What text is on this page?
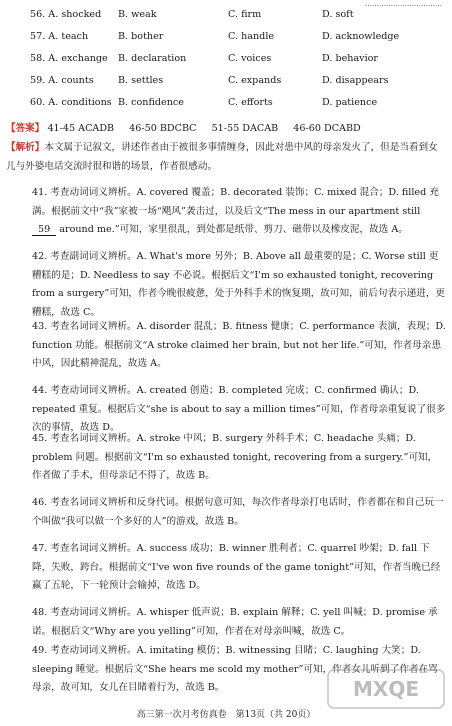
……………………………
56. A. shocked B. weak	C. firm	D. soft
57. A. teach	B. bother	C. handle	D. acknowledge
58. A. exchange B. declaration	C. voices	D. behavior
59. A. counts	B. settles	C. expands	D. disappears
60. A. conditions B. confidence	C. efforts	D. patience
【答案】 41-45 ACADB 46-50 BDCBC 51-55 DACAB 46-60 DCABD
【解析】本文属于记叙文，讲述作者由于被很多事情缠身，因此对患中风的母亲发火了，但是当看到女儿与外婆电话交流时很和谐的场景，作者很感动。
41. 考查动词词义辨析。A. covered 覆盖；B. decorated 装饰；C. mixed 混合；D. filled 充满。根据前文中“我”家被一场“飓风”袭击过，以及后文“The mess in our apartment still 59 around me.”可知，家里很乱，到处都是纸带、剪刀、磁带以及橡皮泥，故选 A。
42. 考查副词词义辨析。A. What's more 另外；B. Above all 最重要的是；C. Worse still 更糟糕的是；D. Needless to say 不必说。根据后文“I'm so exhausted tonight, recovering from a surgery”可知，作者今晚很疲惫，处于外科手术的恢复期，故可知，前后句表示递进，更糟糕，故选 C。
43. 考查名词词义辨析。A. disorder 混乱；B. fitness 健康；C. performance 表演，表现；D. function 功能。根据前文“A stroke claimed her brain, but not her life.”可知，作者母亲患中风，因此精神混乱，故选 A。
44. 考查动词词义辨析。A. created 创造；B. completed 完成；C. confirmed 确认；D. repeated 重复。根据后文“she is about to say a million times”可知，作者母亲重复说了很多次的事情，故选 D。
45. 考查名词词义辨析。A. stroke 中风；B. surgery 外科手术；C. headache 头痛；D. problem 问题。根据前文“I'm so exhausted tonight, recovering from a surgery.”可知，作者做了手术，但母亲记不得了，故选 B。
46. 考查名词词义辨析和反身代词。根据句意可知，每次作者母亲打电话时，作者都在和自己玩一个叫做“我可以做一个多好的人”的游戏，故选 B。
47. 考查名词词义辨析。A. success 成功；B. winner 胜利者；C. quarrel 吵架；D. fall 下降，失败，跨台。根据前文“I've won five rounds of the game tonight”可知，作者当晚已经赢了五轮，下一轮预计会输掉，故选 D。
48. 考查动词词义辨析。A. whisper 低声说；B. explain 解释；C. yell 叫喊；D. promise 承诺。根据后文“Why are you yelling”可知，作者在对母亲叫喊，故选 C。
49. 考查动词词义辨析。A. imitating 模仿；B. witnessing 目睹；C. laughing 大笑；D. sleeping 睡觉。根据后文“She hears me scold my mother”可知，作者女儿听到了作者在骂母亲，故可知，女儿在目睹着行为，故选 B。	MXQE
高三第一次月考仿真卷　第13页（共 20页）
